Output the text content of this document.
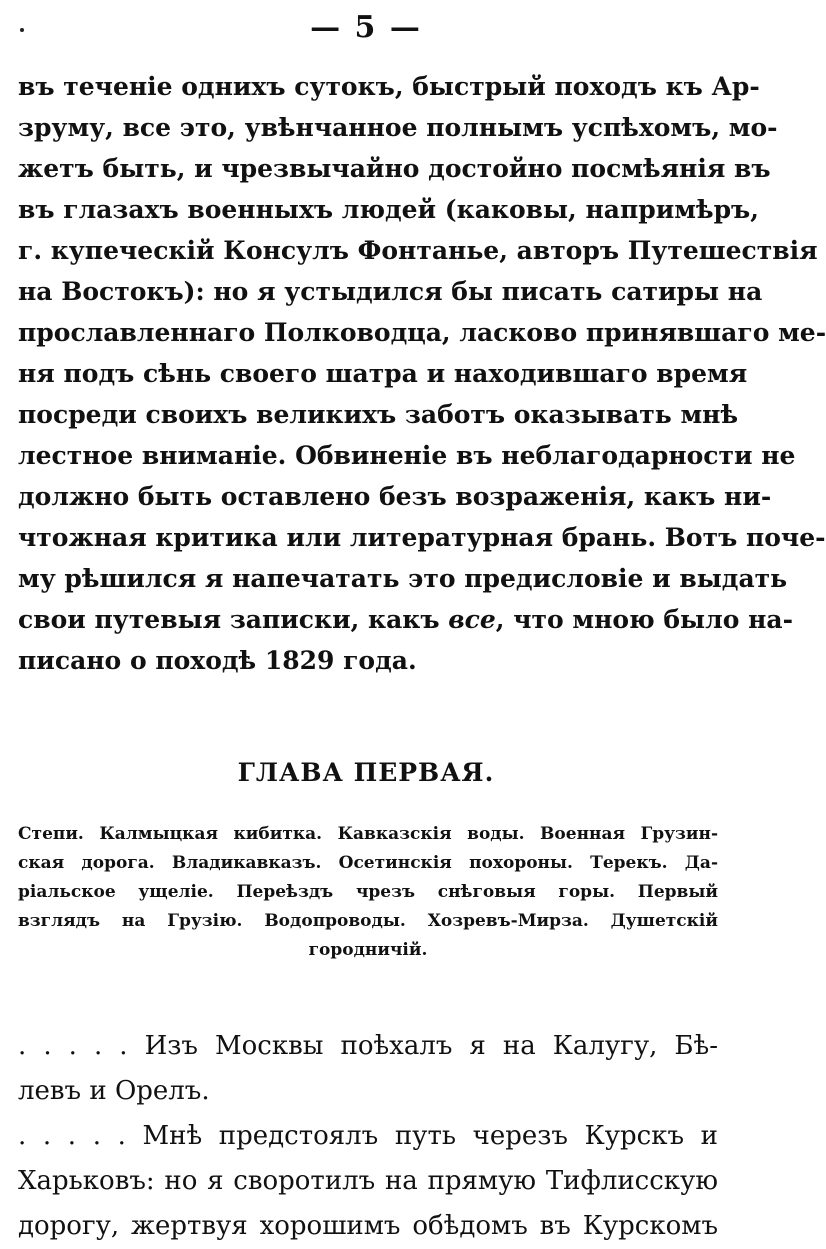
— 5 —
въ теченіе однихъ сутокъ, быстрый походъ къ Ар-
зруму, все это, увѣнчанное полнымъ успѣхомъ, мо-
жетъ быть, и чрезвычайно достойно посмѣянія въ
въ глазахъ военныхъ людей (каковы, напримѣръ,
г. купеческій Консулъ Фонтанье, авторъ Путешествія
на Востокъ): но я устыдился бы писать сатиры на
прославленнаго Полководца, ласково принявшаго ме-
ня подъ сѣнь своего шатра и находившаго время
посреди своихъ великихъ заботъ оказывать мнѣ
лестное вниманіе. Обвиненіе въ неблагодарности не
должно быть оставлено безъ возраженія, какъ ни-
чтожная критика или литературная брань. Вотъ поче-
му рѣшился я напечатать это предисловіе и выдать
свои путевыя записки, какъ все, что мною было на-
писано о походѣ 1829 года.
ГЛАВА ПЕРВАЯ.
Степи. Калмыцкая кибитка. Кавказскія воды. Военная Грузин-
ская дорога. Владикавказъ. Осетинскія похороны. Терекъ. Да-
ріальское ущеліе. Переѣздъ чрезъ снѣговыя горы. Первый
взглядъ на Грузію. Водопроводы. Хозревъ-Мирза. Душетскій
городничій.
. . . . . Изъ Москвы поѣхалъ я на Калугу, Бѣ-
левъ и Орелъ.
. . . . . Мнѣ предстоялъ путь черезъ Курскъ и
Харьковъ: но я своротилъ на прямую Тифлисскую
дорогу, жертвуя хорошимъ обѣдомъ въ Курскомъ
